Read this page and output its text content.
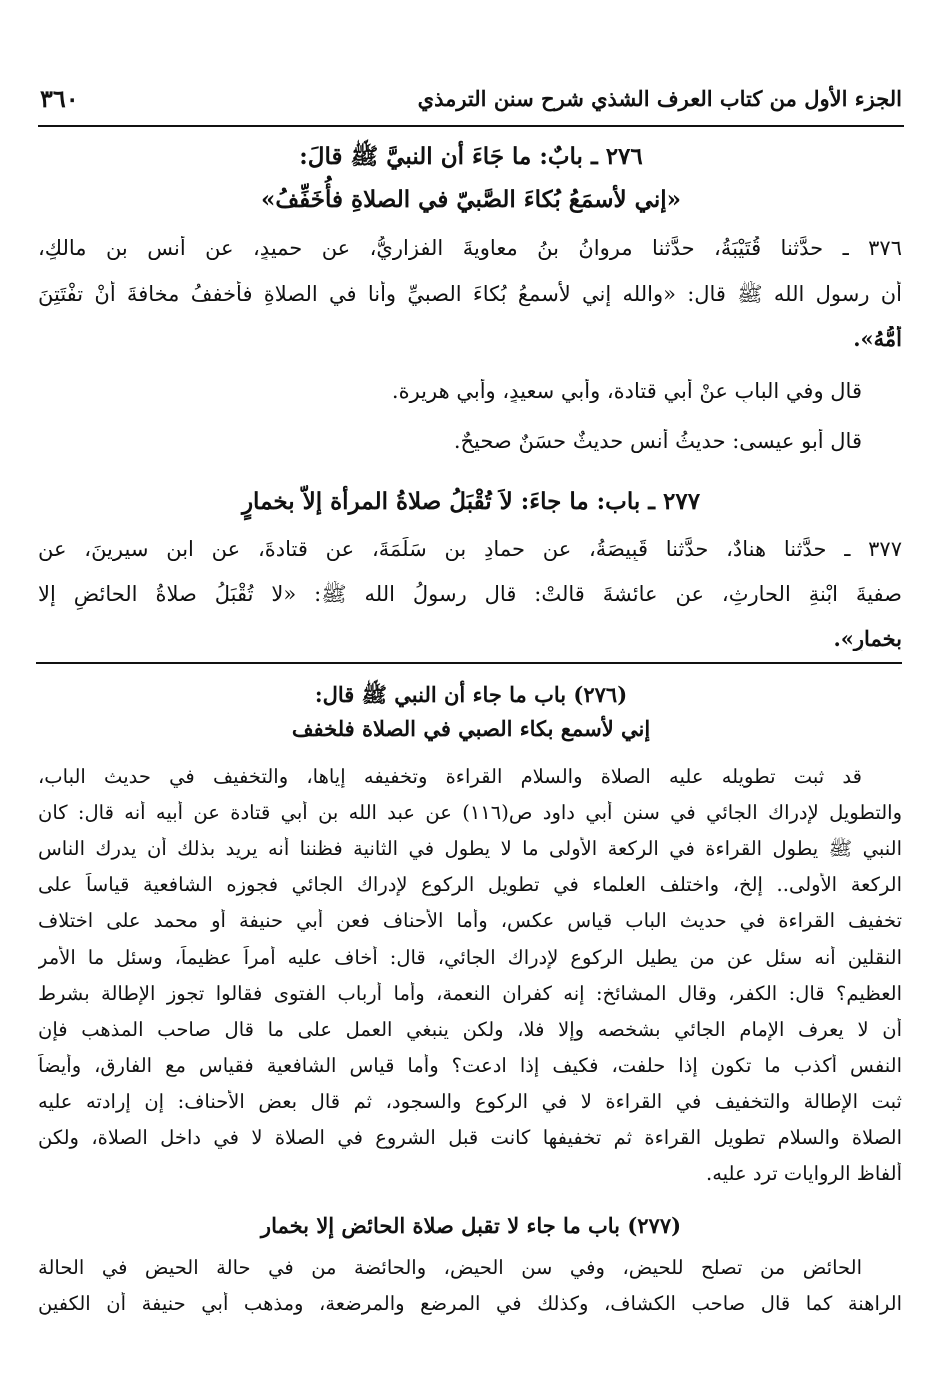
الجزء الأول من كتاب العرف الشذي شرح سنن الترمذي
٣٦٠
٢٧٦ ـ بابٌ: ما جَاءَ أن النبيَّ ﷺ قالَ:
«إني لأسمَعُ بُكاءَ الصَّبيّ في الصلاةِ فأُخَفِّفُ»
٣٧٦ ـ حدَّثنا قُتَيْبَةُ، حدَّثنا مروانُ بنُ معاويةَ الفزاريُّ، عن حميدٍ، عن أنسِ بنِ مالكٍ،
أن رسول الله ﷺ قال: «والله إني لأسمعُ بُكاءَ الصبيِّ وأنا في الصلاةِ فأخففُ مخافةَ أنْ تفْتَتِنَ
أُمُّهُ».
قال وفي البابِ عنْ أبي قتادة، وأبي سعيدٍ، وأبي هريرة.
قال أبو عيسى: حديثُ أنس حديثٌ حسَنٌ صحيحٌ.
٢٧٧ ـ باب: ما جاءَ: لاَ تُقْبَلُ صلاةُ المرأة إلاّ بخمارٍ
٣٧٧ ـ حدَّثنا هنادٌ، حدَّثنا قَبِيصَةُ، عن حمادِ بنِ سَلَمَةَ، عن قتادةَ، عن ابنِ سيرينَ، عن
صفيةَ ابْنةِ الحارثِ، عن عائشةَ قالتْ: قال رسولُ الله ﷺ: «لا تُقْبَلُ صلاةُ الحائضِ إلا
بخمارٍ».
(٢٧٦) باب ما جاء أن النبي ﷺ قال:
إني لأسمع بكاء الصبي في الصلاة فلخفف
قد ثبت تطويله عليه الصلاة والسلام القراءة وتخفيفه إياها، والتخفيف في حديث الباب،
والتطويل لإدراك الجائي في سنن أبي داود ص(١١٦) عن عبد الله بن أبي قتادة عن أبيه أنه قال: كان
النبي ﷺ يطول القراءة في الركعة الأولى ما لا يطول في الثانية فظننا أنه يريد بذلك أن يدرك الناس
الركعة الأولى.. إلخ، واختلف العلماء في تطويل الركوع لإدراك الجائي فجوزه الشافعية قياساً على
تخفيف القراءة في حديث الباب قياس عكس، وأما الأحناف فعن أبي حنيفة أو محمد على اختلاف
النقلين أنه سئل عن من يطيل الركوع لإدراك الجائي، قال: أخاف عليه أمراً عظيماً، وسئل ما الأمر
العظيم؟ قال: الكفر، وقال المشائخ: إنه كفران النعمة، وأما أرباب الفتوى فقالوا تجوز الإطالة بشرط
أن لا يعرف الإمام الجائي بشخصه وإلا فلا، ولكن ينبغي العمل على ما قال صاحب المذهب فإن
النفس أكذب ما تكون إذا حلفت، فكيف إذا ادعت؟ وأما قياس الشافعية فقياس مع الفارق، وأيضاً
ثبت الإطالة والتخفيف في القراءة لا في الركوع والسجود، ثم قال بعض الأحناف: إن إرادته عليه
الصلاة والسلام تطويل القراءة ثم تخفيفها كانت قبل الشروع في الصلاة لا في داخل الصلاة، ولكن
ألفاظ الروايات ترد عليه.
(٢٧٧) باب ما جاء لا تقبل صلاة الحائض إلا بخمار
الحائض من تصلح للحيض، وفي سن الحيض، والحائضة من في حالة الحيض في الحالة
الراهنة كما قال صاحب الكشاف، وكذلك في المرضع والمرضعة، ومذهب أبي حنيفة أن الكفين
